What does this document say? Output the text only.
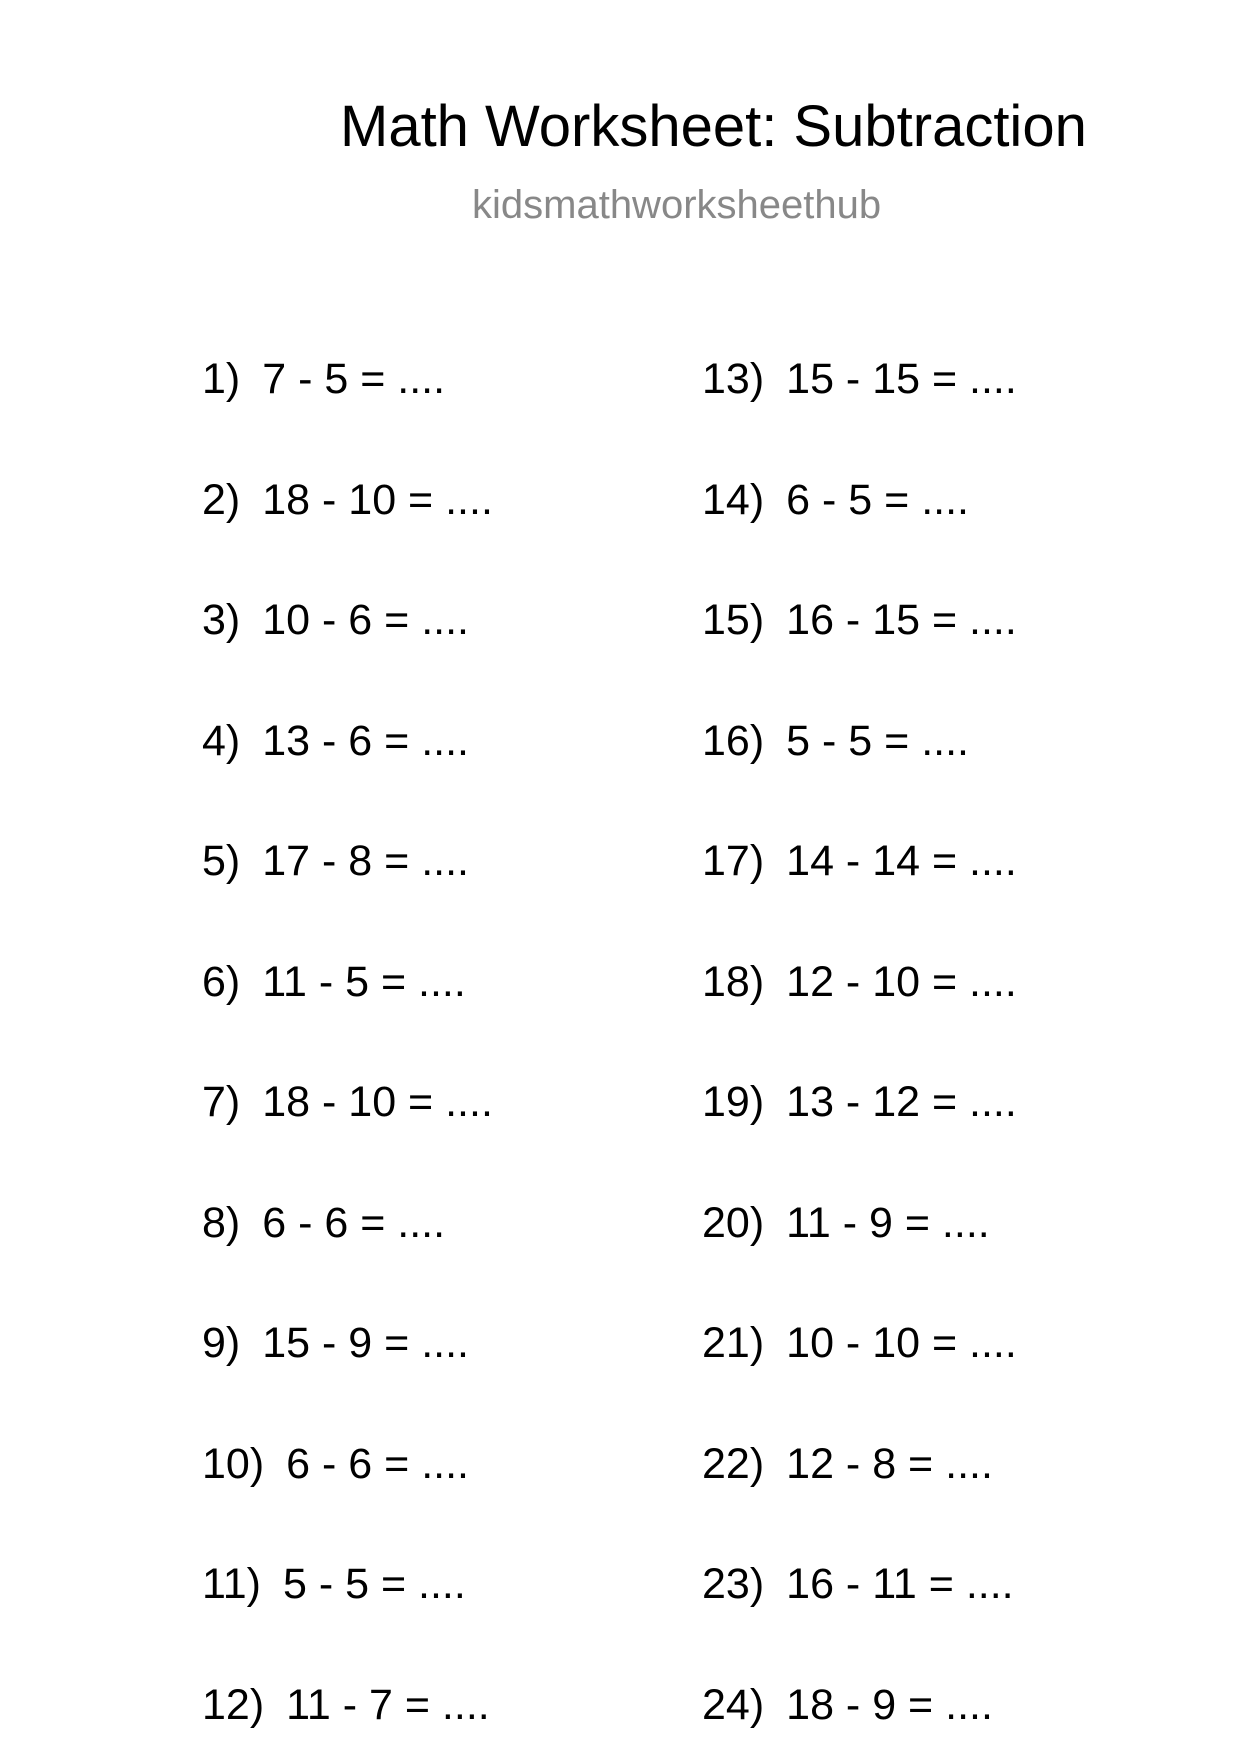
Math Worksheet: Subtraction
kidsmathworksheethub
1) 7 - 5 = ....
2) 18 - 10 = ....
3) 10 - 6 = ....
4) 13 - 6 = ....
5) 17 - 8 = ....
6) 11 - 5 = ....
7) 18 - 10 = ....
8) 6 - 6 = ....
9) 15 - 9 = ....
10) 6 - 6 = ....
11) 5 - 5 = ....
12) 11 - 7 = ....
13) 15 - 15 = ....
14) 6 - 5 = ....
15) 16 - 15 = ....
16) 5 - 5 = ....
17) 14 - 14 = ....
18) 12 - 10 = ....
19) 13 - 12 = ....
20) 11 - 9 = ....
21) 10 - 10 = ....
22) 12 - 8 = ....
23) 16 - 11 = ....
24) 18 - 9 = ....
